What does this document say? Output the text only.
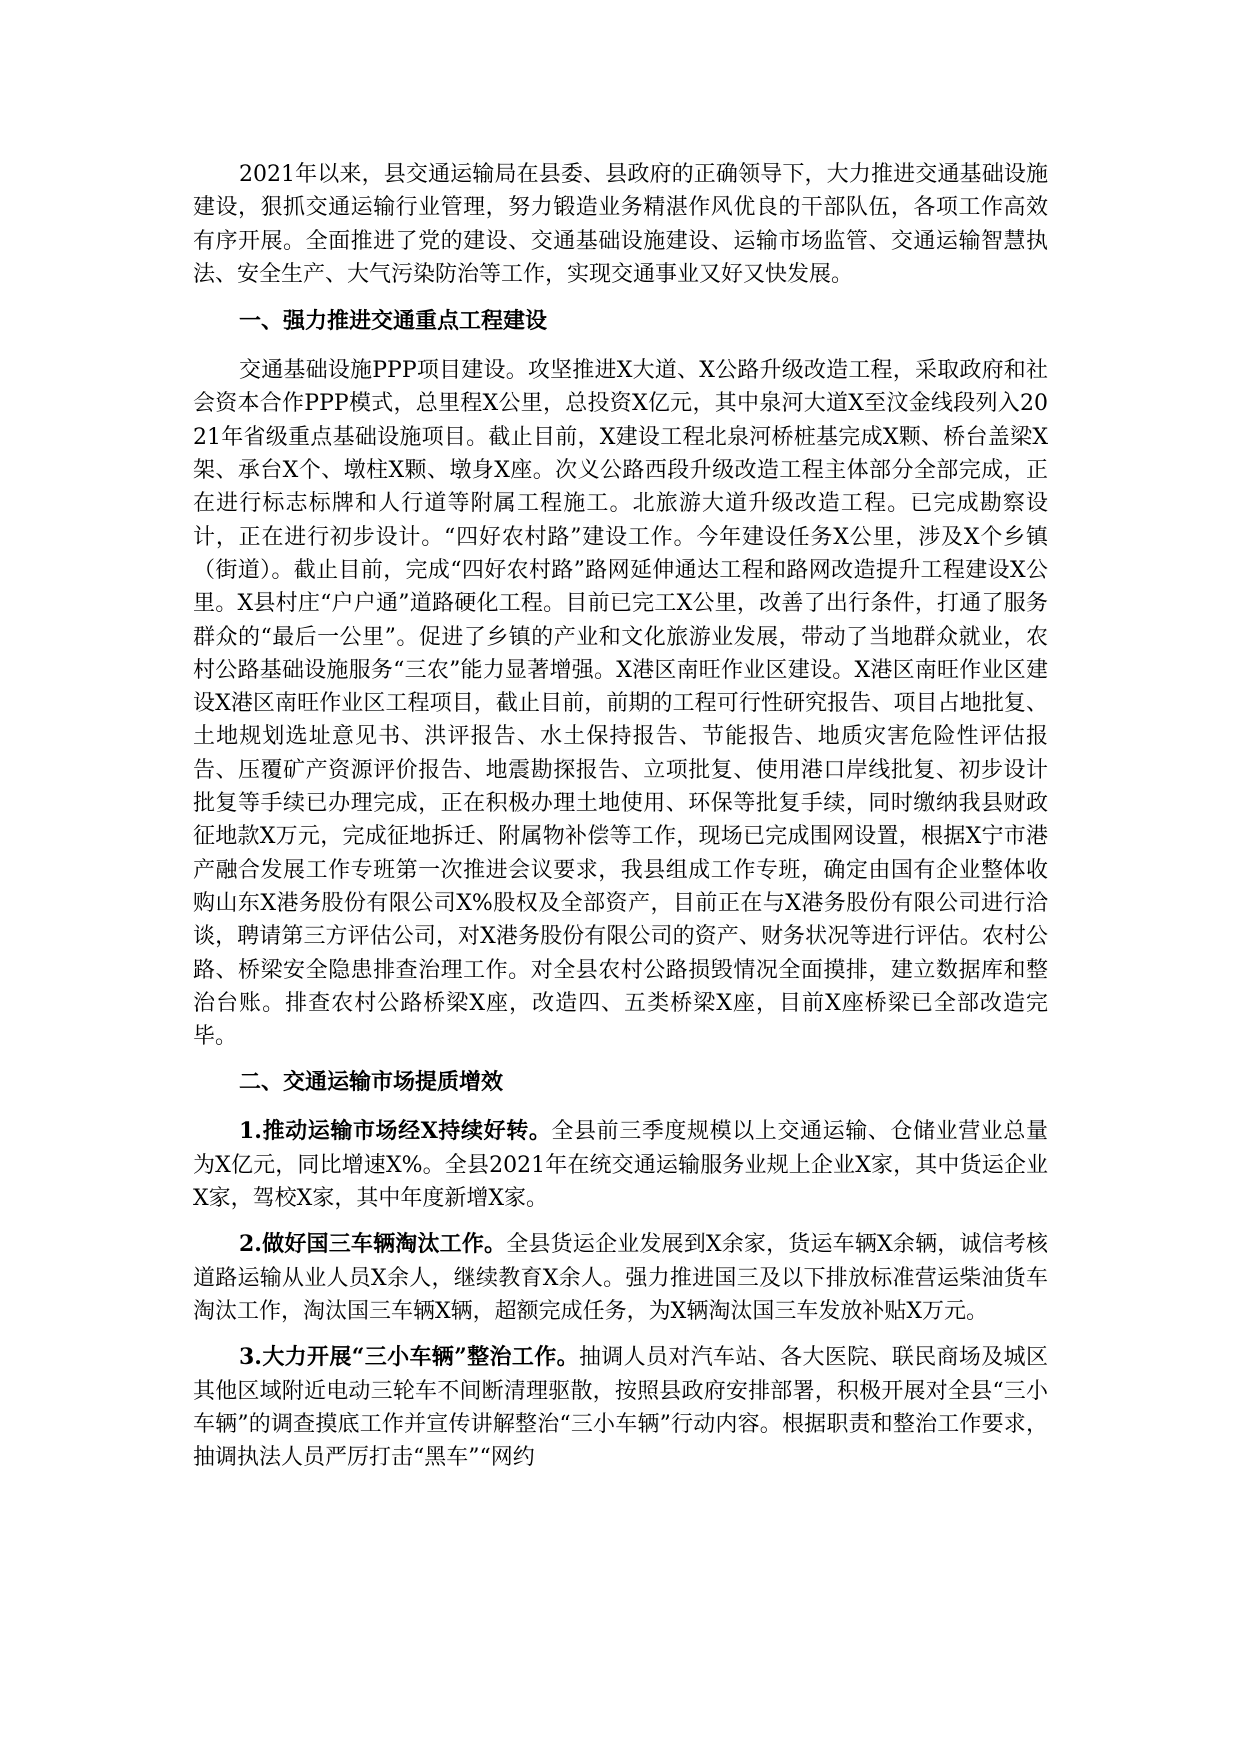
2021年以来，县交通运输局在县委、县政府的正确领导下，大力推进交通基础设施建设，狠抓交通运输行业管理，努力锻造业务精湛作风优良的干部队伍，各项工作高效有序开展。全面推进了党的建设、交通基础设施建设、运输市场监管、交通运输智慧执法、安全生产、大气污染防治等工作，实现交通事业又好又快发展。

一、强力推进交通重点工程建设

交通基础设施PPP项目建设。攻坚推进X大道、X公路升级改造工程，采取政府和社会资本合作PPP模式，总里程X公里，总投资X亿元，其中泉河大道X至汶金线段列入2021年省级重点基础设施项目。截止目前，X建设工程北泉河桥桩基完成X颗、桥台盖梁X架、承台X个、墩柱X颗、墩身X座。次义公路西段升级改造工程主体部分全部完成，正在进行标志标牌和人行道等附属工程施工。北旅游大道升级改造工程。已完成勘察设计，正在进行初步设计。“四好农村路”建设工作。今年建设任务X公里，涉及X个乡镇（街道）。截止目前，完成“四好农村路”路网延伸通达工程和路网改造提升工程建设X公里。X县村庄“户户通”道路硬化工程。目前已完工X公里，改善了出行条件，打通了服务群众的“最后一公里”。促进了乡镇的产业和文化旅游业发展，带动了当地群众就业，农村公路基础设施服务“三农”能力显著增强。X港区南旺作业区建设。X港区南旺作业区建设X港区南旺作业区工程项目，截止目前，前期的工程可行性研究报告、项目占地批复、土地规划选址意见书、洪评报告、水土保持报告、节能报告、地质灾害危险性评估报告、压覆矿产资源评价报告、地震勘探报告、立项批复、使用港口岸线批复、初步设计批复等手续已办理完成，正在积极办理土地使用、环保等批复手续，同时缴纳我县财政征地款X万元，完成征地拆迁、附属物补偿等工作，现场已完成围网设置，根据X宁市港产融合发展工作专班第一次推进会议要求，我县组成工作专班，确定由国有企业整体收购山东X港务股份有限公司X%股权及全部资产，目前正在与X港务股份有限公司进行洽谈，聘请第三方评估公司，对X港务股份有限公司的资产、财务状况等进行评估。农村公路、桥梁安全隐患排查治理工作。对全县农村公路损毁情况全面摸排，建立数据库和整治台账。排查农村公路桥梁X座，改造四、五类桥梁X座，目前X座桥梁已全部改造完毕。

二、交通运输市场提质增效

1.推动运输市场经X持续好转。全县前三季度规模以上交通运输、仓储业营业总量为X亿元，同比增速X%。全县2021年在统交通运输服务业规上企业X家，其中货运企业X家，驾校X家，其中年度新增X家。

2.做好国三车辆淘汰工作。全县货运企业发展到X余家，货运车辆X余辆，诚信考核道路运输从业人员X余人，继续教育X余人。强力推进国三及以下排放标准营运柴油货车淘汰工作，淘汰国三车辆X辆，超额完成任务，为X辆淘汰国三车发放补贴X万元。

3.大力开展“三小车辆”整治工作。抽调人员对汽车站、各大医院、联民商场及城区其他区域附近电动三轮车不间断清理驱散，按照县政府安排部署，积极开展对全县“三小车辆”的调查摸底工作并宣传讲解整治“三小车辆”行动内容。根据职责和整治工作要求，抽调执法人员严厉打击“黑车”“网约
